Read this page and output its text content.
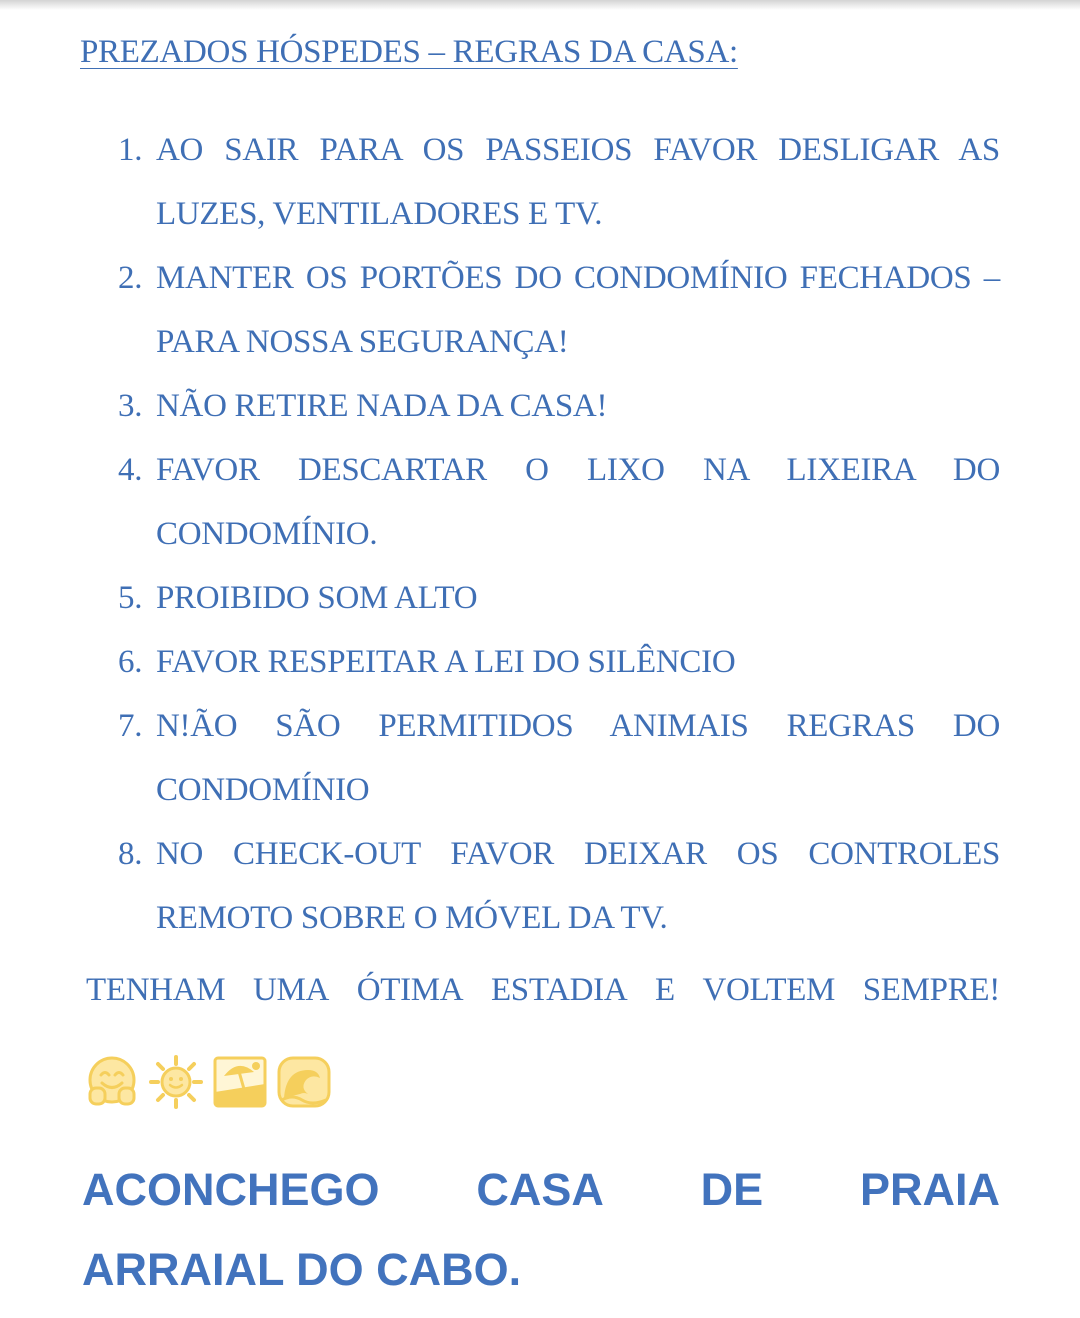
PREZADOS HÓSPEDES – REGRAS DA CASA:
1. AO SAIR PARA OS PASSEIOS FAVOR DESLIGAR AS LUZES, VENTILADORES E TV.
2. MANTER OS PORTÕES DO CONDOMÍNIO FECHADOS – PARA NOSSA SEGURANÇA!
3. NÃO RETIRE NADA DA CASA!
4. FAVOR DESCARTAR O LIXO NA LIXEIRA DO CONDOMÍNIO.
5. PROIBIDO SOM ALTO
6. FAVOR RESPEITAR A LEI DO SILÊNCIO
7. N!ÃO SÃO PERMITIDOS ANIMAIS REGRAS DO CONDOMÍNIO
8. NO CHECK-OUT FAVOR DEIXAR OS CONTROLES REMOTO SOBRE O MÓVEL DA TV.
TENHAM UMA ÓTIMA ESTADIA E VOLTEM SEMPRE!
ACONCHEGO CASA DE PRAIA
ARRAIAL DO CABO.
